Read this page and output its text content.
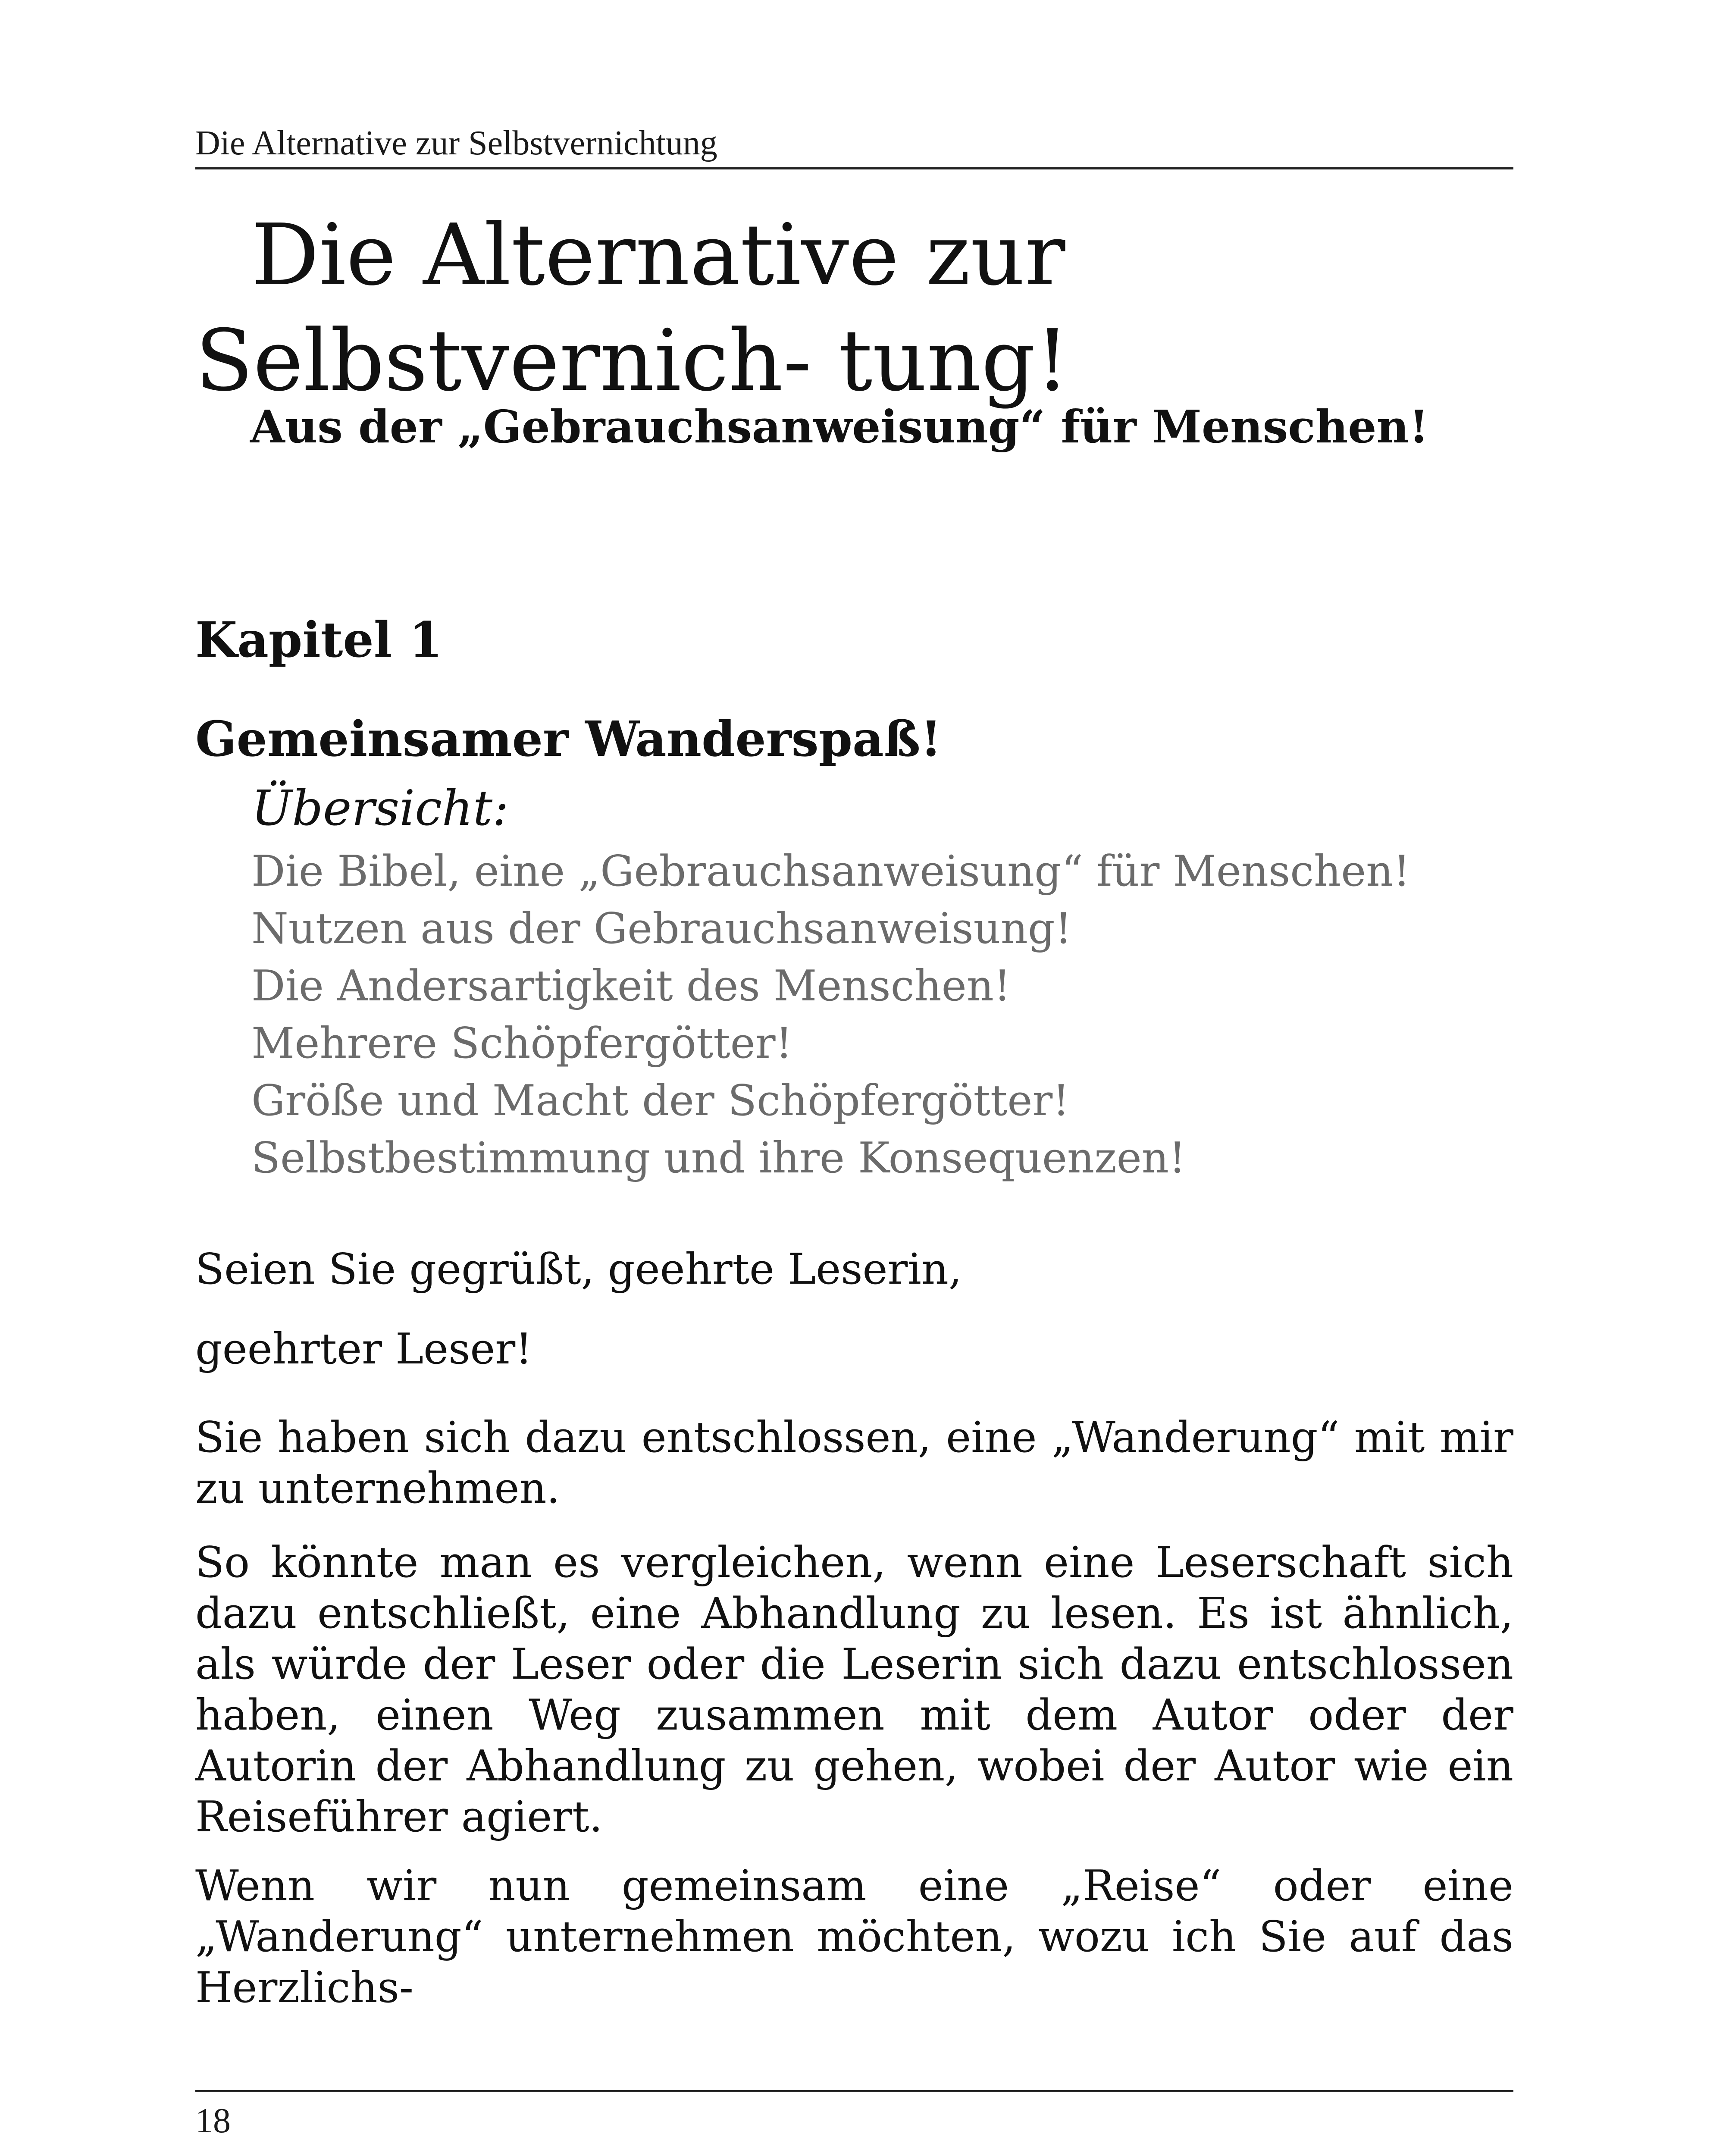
Die Alternative zur Selbstvernichtung
Die Alternative zur Selbstvernich- tung!
Aus der „Gebrauchsanweisung“ für Menschen!
Kapitel 1
Gemeinsamer Wanderspaß!
Übersicht:
Die Bibel, eine „Gebrauchsanweisung“ für Menschen!
Nutzen aus der Gebrauchsanweisung!
Die Andersartigkeit des Menschen!
Mehrere Schöpfergötter!
Größe und Macht der Schöpfergötter!
Selbstbestimmung und ihre Konsequenzen!

Seien Sie gegrüßt, geehrte Leserin,

geehrter Leser!

Sie haben sich dazu entschlossen, eine „Wanderung“ mit mir zu unternehmen.

So könnte man es vergleichen, wenn eine Leserschaft sich dazu entschließt, eine Abhandlung zu lesen. Es ist ähnlich, als würde der Leser oder die Leserin sich dazu entschlossen haben, einen Weg zusammen mit dem Autor oder der Autorin der Abhandlung zu gehen, wobei der Autor wie ein Reiseführer agiert.

Wenn wir nun gemeinsam eine „Reise“ oder eine „Wanderung“ unternehmen möchten, wozu ich Sie auf das Herzlichs-

18
